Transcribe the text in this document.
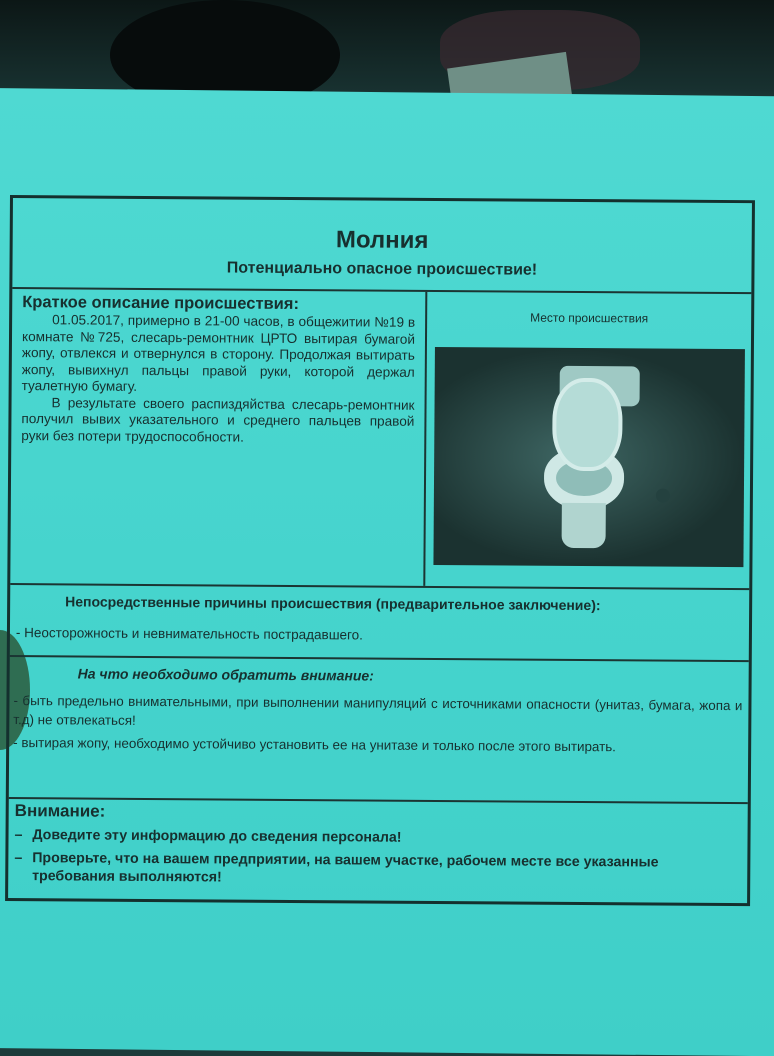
Молния
Потенциально опасное происшествие!
Краткое описание происшествия:

01.05.2017, примерно в 21-00 часов, в общежитии №19 в комнате №725, слесарь-ремонтник ЦРТО вытирая бумагой жопу, отвлекся и отвернулся в сторону. Продолжая вытирать жопу, вывихнул пальцы правой руки, которой держал туалетную бумагу.

В результате своего распиздяйства слесарь-ремонтник получил вывих указательного и среднего пальцев правой руки без потери трудоспособности.

Место происшествия
Непосредственные причины происшествия (предварительное заключение):
- Неосторожность и невнимательность пострадавшего.
На что необходимо обратить внимание:
- быть предельно внимательными, при выполнении манипуляций с источниками опасности (унитаз, бумага, жопа и т.д) не отвлекаться!
- вытирая жопу, необходимо устойчиво установить ее на унитазе и только после этого вытирать.
Внимание:
– Доведите эту информацию до сведения персонала!
– Проверьте, что на вашем предприятии, на вашем участке, рабочем месте все указанные требования выполняются!
